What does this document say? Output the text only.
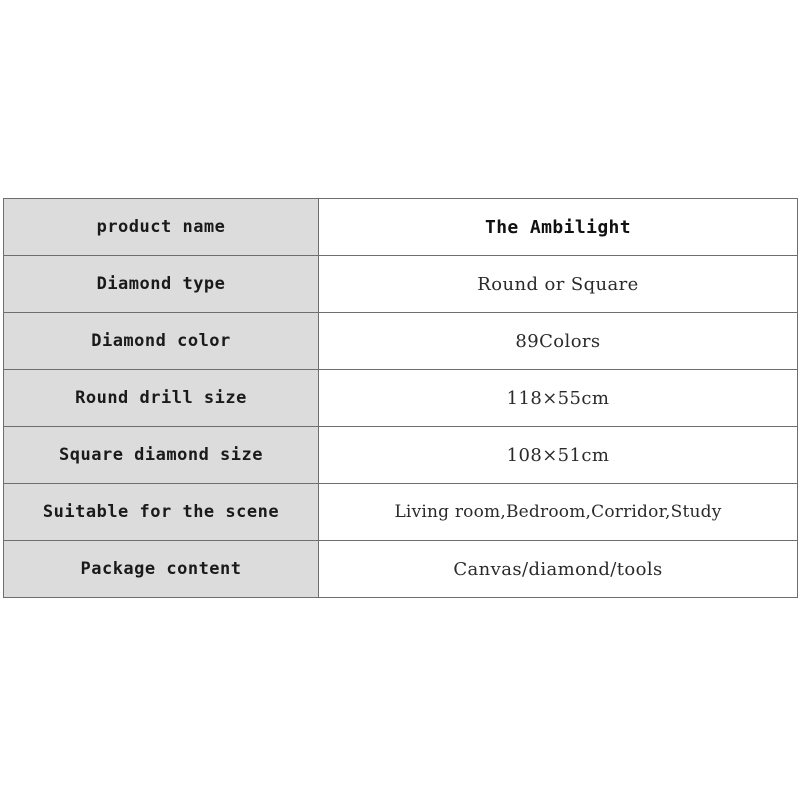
product name	The Ambilight
Diamond type	Round or Square
Diamond color	89Colors
Round drill size	118×55cm
Square diamond size	108×51cm
Suitable for the scene	Living room,Bedroom,Corridor,Study
Package content	Canvas/diamond/tools
